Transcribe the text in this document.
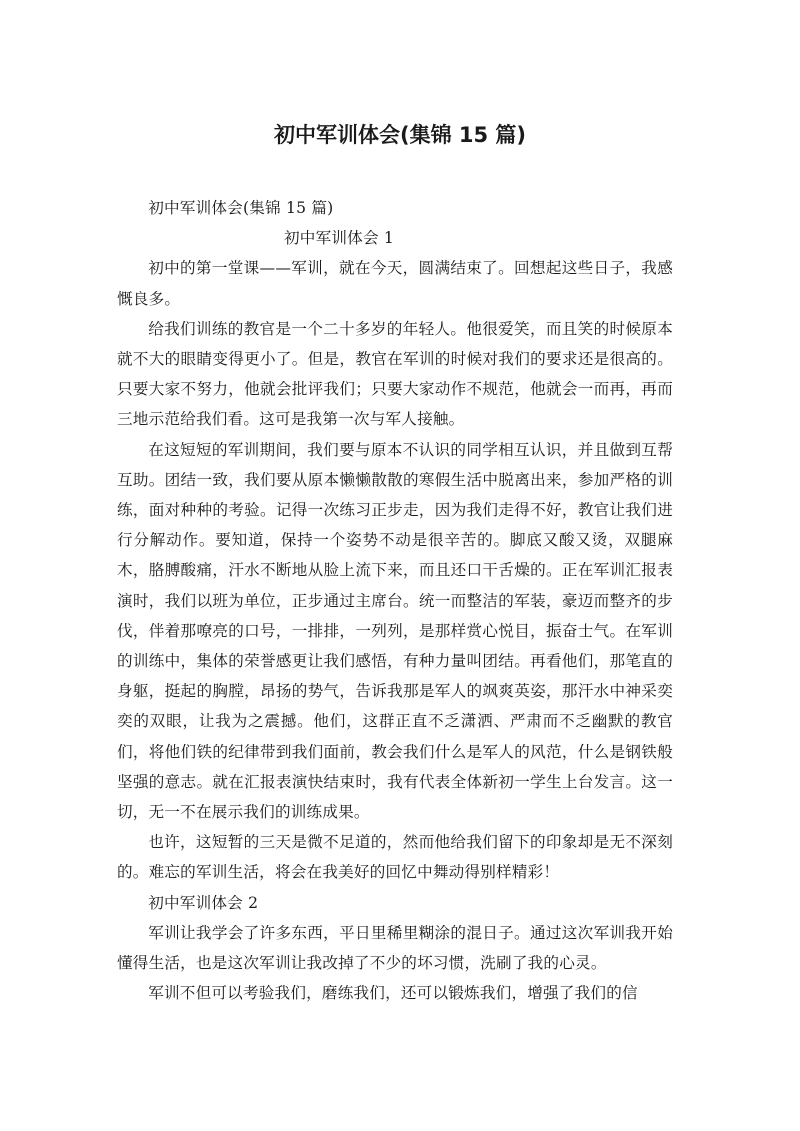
初中军训体会(集锦 15 篇)

初中军训体会(集锦 15 篇)

初中军训体会 1

初中的第一堂课——军训，就在今天，圆满结束了。回想起这些日子，我感慨良多。

给我们训练的教官是一个二十多岁的年轻人。他很爱笑，而且笑的时候原本就不大的眼睛变得更小了。但是，教官在军训的时候对我们的要求还是很高的。只要大家不努力，他就会批评我们；只要大家动作不规范，他就会一而再，再而三地示范给我们看。这可是我第一次与军人接触。

在这短短的军训期间，我们要与原本不认识的同学相互认识，并且做到互帮互助。团结一致，我们要从原本懒懒散散的寒假生活中脱离出来，参加严格的训练，面对种种的考验。记得一次练习正步走，因为我们走得不好，教官让我们进行分解动作。要知道，保持一个姿势不动是很辛苦的。脚底又酸又烫，双腿麻木，胳膊酸痛，汗水不断地从脸上流下来，而且还口干舌燥的。正在军训汇报表演时，我们以班为单位，正步通过主席台。统一而整洁的军装，豪迈而整齐的步伐，伴着那嘹亮的口号，一排排，一列列，是那样赏心悦目，振奋士气。在军训的训练中，集体的荣誉感更让我们感悟，有种力量叫团结。再看他们，那笔直的身躯，挺起的胸膛，昂扬的势气，告诉我那是军人的飒爽英姿，那汗水中神采奕奕的双眼，让我为之震撼。他们，这群正直不乏潇洒、严肃而不乏幽默的教官们，将他们铁的纪律带到我们面前，教会我们什么是军人的风范，什么是钢铁般坚强的意志。就在汇报表演快结束时，我有代表全体新初一学生上台发言。这一切，无一不在展示我们的训练成果。

也许，这短暂的三天是微不足道的，然而他给我们留下的印象却是无不深刻的。难忘的军训生活，将会在我美好的回忆中舞动得别样精彩！

初中军训体会 2

军训让我学会了许多东西，平日里稀里糊涂的混日子。通过这次军训我开始懂得生活，也是这次军训让我改掉了不少的坏习惯，洗刷了我的心灵。

军训不但可以考验我们，磨练我们，还可以锻炼我们，增强了我们的信
